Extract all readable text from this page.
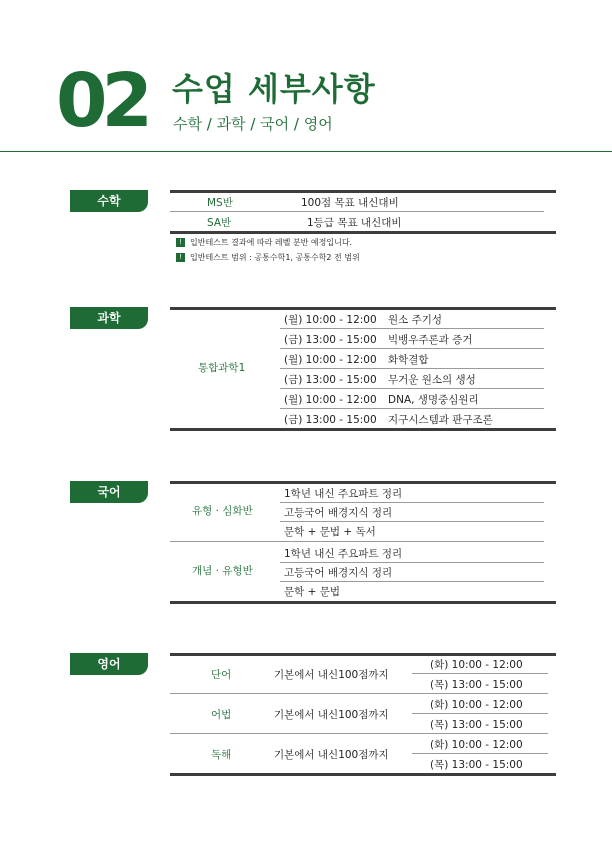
02 수업 세부사항
수학 / 과학 / 국어 / 영어
수학	MS반	100점 목표 내신대비
SA반	1등급 목표 내신대비
! 입반테스트 결과에 따라 레벨 분반 예정입니다.
! 입반테스트 범위 : 공통수학1, 공통수학2 전 범위
과학
통합과학1
(월) 10:00 - 12:00 원소 주기성
(금) 13:00 - 15:00 빅뱅우주론과 증거
(월) 10:00 - 12:00 화학결합
(금) 13:00 - 15:00 무거운 원소의 생성
(월) 10:00 - 12:00 DNA, 생명중심원리
(금) 13:00 - 15:00 지구시스템과 판구조론
국어
유형 · 심화반
1학년 내신 주요파트 정리
고등국어 배경지식 정리
문학 + 문법 + 독서
개념 · 유형반
1학년 내신 주요파트 정리
고등국어 배경지식 정리
문학 + 문법
영어
단어	기본에서 내신100점까지
(화) 10:00 - 12:00
(목) 13:00 - 15:00
어법	기본에서 내신100점까지
(화) 10:00 - 12:00
(목) 13:00 - 15:00
독해	기본에서 내신100점까지
(화) 10:00 - 12:00
(목) 13:00 - 15:00
